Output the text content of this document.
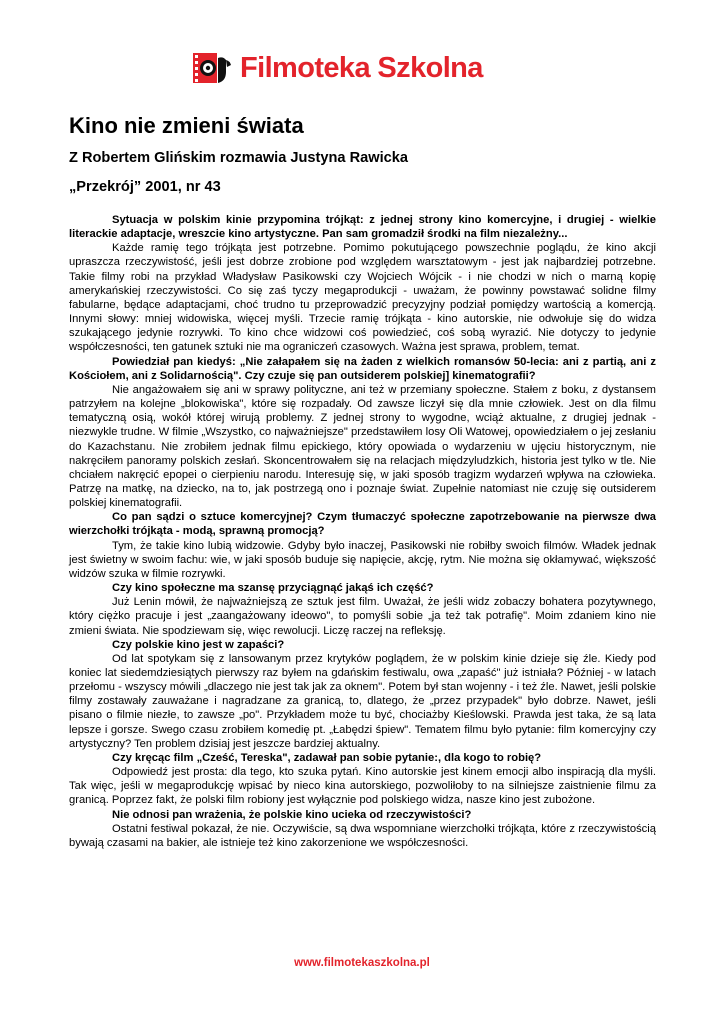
Filmoteka Szkolna
Kino nie zmieni świata
Z Robertem Glińskim rozmawia Justyna Rawicka
„Przekrój” 2001, nr 43

Sytuacja w polskim kinie przypomina trójkąt: z jednej strony kino komercyjne, i drugiej - wielkie literackie adaptacje, wreszcie kino artystyczne. Pan sam gromadził środki na film niezależny...

Każde ramię tego trójkąta jest potrzebne. Pomimo pokutującego powszechnie poglądu, że kino akcji upraszcza rzeczywistość, jeśli jest dobrze zrobione pod względem warsztatowym - jest jak najbardziej potrzebne. Takie filmy robi na przykład Władysław Pasikowski czy Wojciech Wójcik - i nie chodzi w nich o marną kopię amerykańskiej rzeczywistości. Co się zaś tyczy megaprodukcji - uważam, że powinny powstawać solidne filmy fabularne, będące adaptacjami, choć trudno tu przeprowadzić precyzyjny podział pomiędzy wartością a komercją. Innymi słowy: mniej widowiska, więcej myśli. Trzecie ramię trójkąta - kino autorskie, nie odwołuje się do widza szukającego jedynie rozrywki. To kino chce widzowi coś powiedzieć, coś sobą wyrazić. Nie dotyczy to jedynie współczesności, ten gatunek sztuki nie ma ograniczeń czasowych. Ważna jest sprawa, problem, temat.

Powiedział pan kiedyś: „Nie załapałem się na żaden z wielkich romansów 50-lecia: ani z partią, ani z Kościołem, ani z Solidarnością". Czy czuje się pan outsiderem polskiej] kinematografii?

Nie angażowałem się ani w sprawy polityczne, ani też w przemiany społeczne. Stałem z boku, z dystansem patrzyłem na kolejne „blokowiska", które się rozpadały. Od zawsze liczył się dla mnie człowiek. Jest on dla filmu tematyczną osią, wokół której wirują problemy. Z jednej strony to wygodne, wciąż aktualne, z drugiej jednak - niezwykle trudne. W filmie „Wszystko, co najważniejsze" przedstawiłem losy Oli Watowej, opowiedziałem o jej zesłaniu do Kazachstanu. Nie zrobiłem jednak filmu epickiego, który opowiada o wydarzeniu w ujęciu historycznym, nie nakręciłem panoramy polskich zesłań. Skoncentrowałem się na relacjach międzyludzkich, historia jest tylko w tle. Nie chciałem nakręcić epopei o cierpieniu narodu. Interesuję się, w jaki sposób tragizm wydarzeń wpływa na człowieka. Patrzę na matkę, na dziecko, na to, jak postrzegą ono i poznaje świat. Zupełnie natomiast nie czuję się outsiderem polskiej kinematografii.

Co pan sądzi o sztuce komercyjnej? Czym tłumaczyć społeczne zapotrzebowanie na pierwsze dwa wierzchołki trójkąta - modą, sprawną promocją?

Tym, że takie kino lubią widzowie. Gdyby było inaczej, Pasikowski nie robiłby swoich filmów. Władek jednak jest świetny w swoim fachu: wie, w jaki sposób buduje się napięcie, akcję, rytm. Nie można się okłamywać, większość widzów szuka w filmie rozrywki.

Czy kino społeczne ma szansę przyciągnąć jakąś ich część?

Już Lenin mówił, że najważniejszą ze sztuk jest film. Uważał, że jeśli widz zobaczy bohatera pozytywnego, który ciężko pracuje i jest „zaangażowany ideowo", to pomyśli sobie „ja też tak potrafię". Moim zdaniem kino nie zmieni świata. Nie spodziewam się, więc rewolucji. Liczę raczej na refleksję.

Czy polskie kino jest w zapaści?

Od lat spotykam się z lansowanym przez krytyków poglądem, że w polskim kinie dzieje się źle. Kiedy pod koniec lat siedemdziesiątych pierwszy raz byłem na gdańskim festiwalu, owa „zapaść" już istniała? Później - w latach przełomu - wszyscy mówili „dlaczego nie jest tak jak za oknem". Potem był stan wojenny - i też źle. Nawet, jeśli polskie filmy zostawały zauważane i nagradzane za granicą, to, dlatego, że „przez przypadek" było dobrze. Nawet, jeśli pisano o filmie niezłe, to zawsze „po". Przykładem może tu być, chociażby Kieślowski. Prawda jest taka, że są lata lepsze i gorsze. Swego czasu zrobiłem komedię pt. „Łabędzi śpiew". Tematem filmu było pytanie: film komercyjny czy artystyczny? Ten problem dzisiaj jest jeszcze bardziej aktualny.

Czy kręcąc film „Cześć, Tereska", zadawał pan sobie pytanie:, dla kogo to robię?

Odpowiedź jest prosta: dla tego, kto szuka pytań. Kino autorskie jest kinem emocji albo inspiracją dla myśli. Tak więc, jeśli w megaprodukcję wpisać by nieco kina autorskiego, pozwoliłoby to na silniejsze zaistnienie filmu za granicą. Poprzez fakt, że polski film robiony jest wyłącznie pod polskiego widza, nasze kino jest zubożone.

Nie odnosi pan wrażenia, że polskie kino ucieka od rzeczywistości?

Ostatni festiwal pokazał, że nie. Oczywiście, są dwa wspomniane wierzchołki trójkąta, które z rzeczywistością bywają czasami na bakier, ale istnieje też kino zakorzenione we współczesności.

www.filmotekaszkolna.pl
